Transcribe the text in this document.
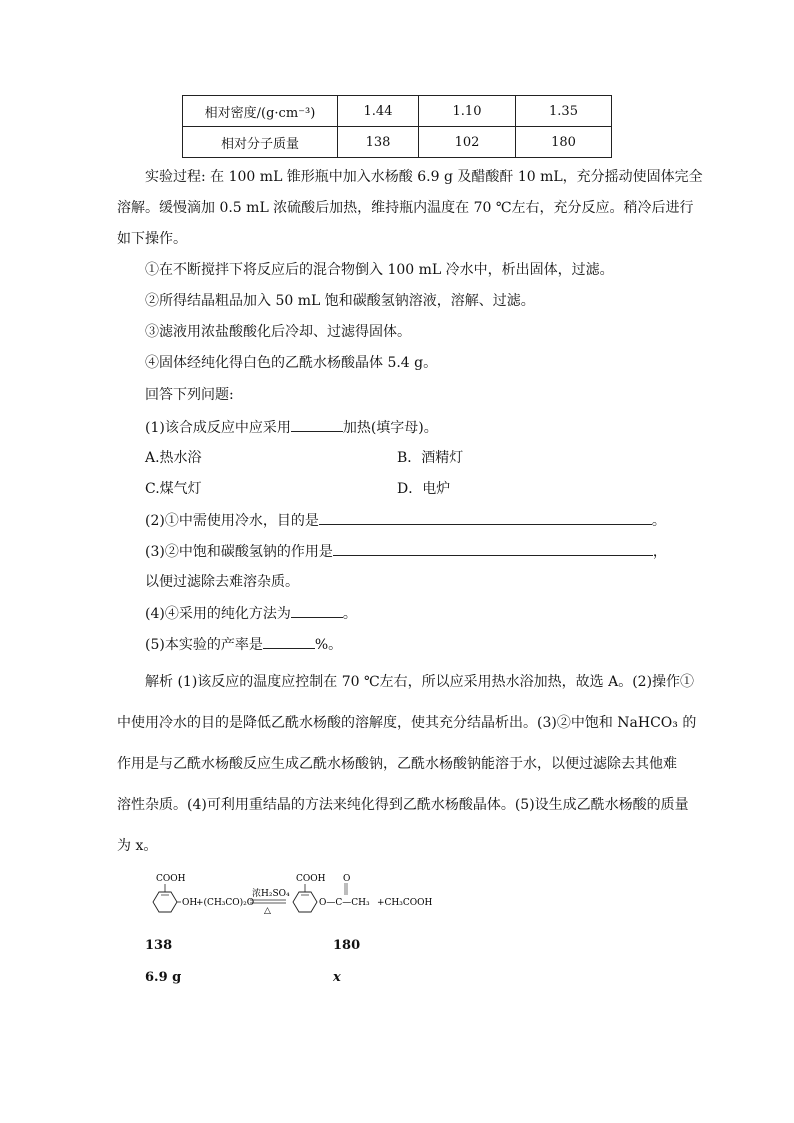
相对密度/(g·cm⁻³)	1.44	1.10	1.35
相对分子质量	138	102	180
实验过程: 在 100 mL 锥形瓶中加入水杨酸 6.9 g 及醋酸酐 10 mL，充分摇动使固体完全
溶解。缓慢滴加 0.5 mL 浓硫酸后加热，维持瓶内温度在 70 ℃左右，充分反应。稍冷后进行
如下操作。
①在不断搅拌下将反应后的混合物倒入 100 mL 冷水中，析出固体，过滤。
②所得结晶粗品加入 50 mL 饱和碳酸氢钠溶液，溶解、过滤。
③滤液用浓盐酸酸化后冷却、过滤得固体。
④固体经纯化得白色的乙酰水杨酸晶体 5.4 g。
回答下列问题:
(1)该合成反应中应采用	加热(填字母)。
A.热水浴	B．酒精灯
C.煤气灯	D．电炉
(2)①中需使用冷水，目的是	。
(3)②中饱和碳酸氢钠的作用是	，
以便过滤除去难溶杂质。
(4)④采用的纯化方法为	。
(5)本实验的产率是	%。
解析 (1)该反应的温度应控制在 70 ℃左右，所以应采用热水浴加热，故选 A。(2)操作①
中使用冷水的目的是降低乙酰水杨酸的溶解度，使其充分结晶析出。(3)②中饱和 NaHCO₃ 的
作用是与乙酰水杨酸反应生成乙酰水杨酸钠，乙酰水杨酸钠能溶于水，以便过滤除去其他难
溶性杂质。(4)可利用重结晶的方法来纯化得到乙酰水杨酸晶体。(5)设生成乙酰水杨酸的质量
为 x。
COOH
OH
+(CH₃CO)₂O
浓H₂SO₄
△
COOH O
O—C—CH₃ +CH₃COOH
138	180
6.9 g	x
